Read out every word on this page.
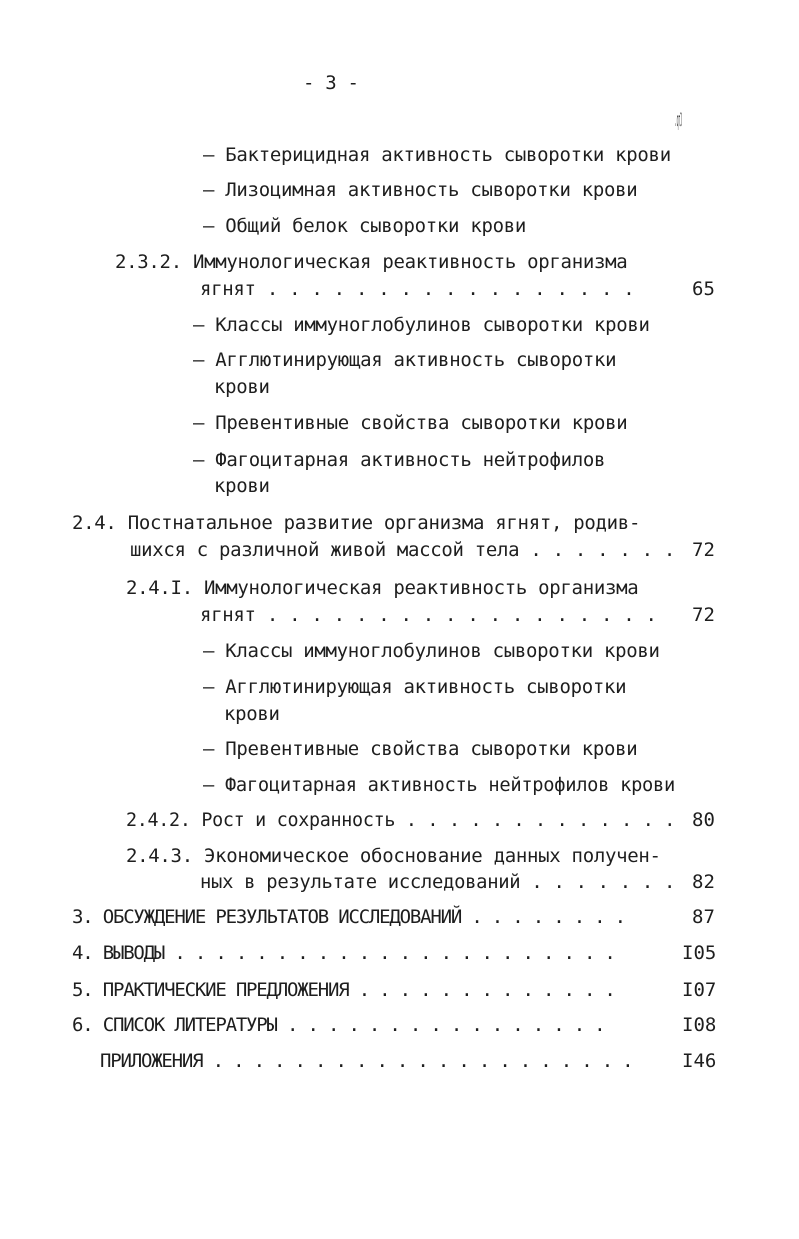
- 3 -
Стр.
– Бактерицидная активность сыворотки крови
– Лизоцимная активность сыворотки крови
– Общий белок сыворотки крови
2.3.2. Иммунологическая реактивность организма
ягнят . . . . . . . . . . . . . . . . .	65
– Классы иммуноглобулинов сыворотки крови
– Агглютинирующая активность сыворотки
крови
– Превентивные свойства сыворотки крови
– Фагоцитарная активность нейтрофилов
крови
2.4. Постнатальное развитие организма ягнят, родив-
шихся с различной живой массой тела . . . . . . . 72
2.4.I. Иммунологическая реактивность организма
ягнят . . . . . . . . . . . . . . . . . . 72
– Классы иммуноглобулинов сыворотки крови
– Агглютинирующая активность сыворотки
крови
– Превентивные свойства сыворотки крови
– Фагоцитарная активность нейтрофилов крови
2.4.2. Рост и сохранность . . . . . . . . . . . . . 80
2.4.3. Экономическое обоснование данных получен-
ных в результате исследований . . . . . . . 82
3. ОБСУЖДЕНИЕ РЕЗУЛЬТАТОВ ИССЛЕДОВАНИЙ . . . . . . . .	87
4. ВЫВОДЫ . . . . . . . . . . . . . . . . . . . . . .	I05
5. ПРАКТИЧЕСКИЕ ПРЕДЛОЖЕНИЯ . . . . . . . . . . . . .	I07
6. СПИСОК ЛИТЕРАТУРЫ . . . . . . . . . . . . . . . .	I08
ПРИЛОЖЕНИЯ . . . . . . . . . . . . . . . . . . . . .	I46
